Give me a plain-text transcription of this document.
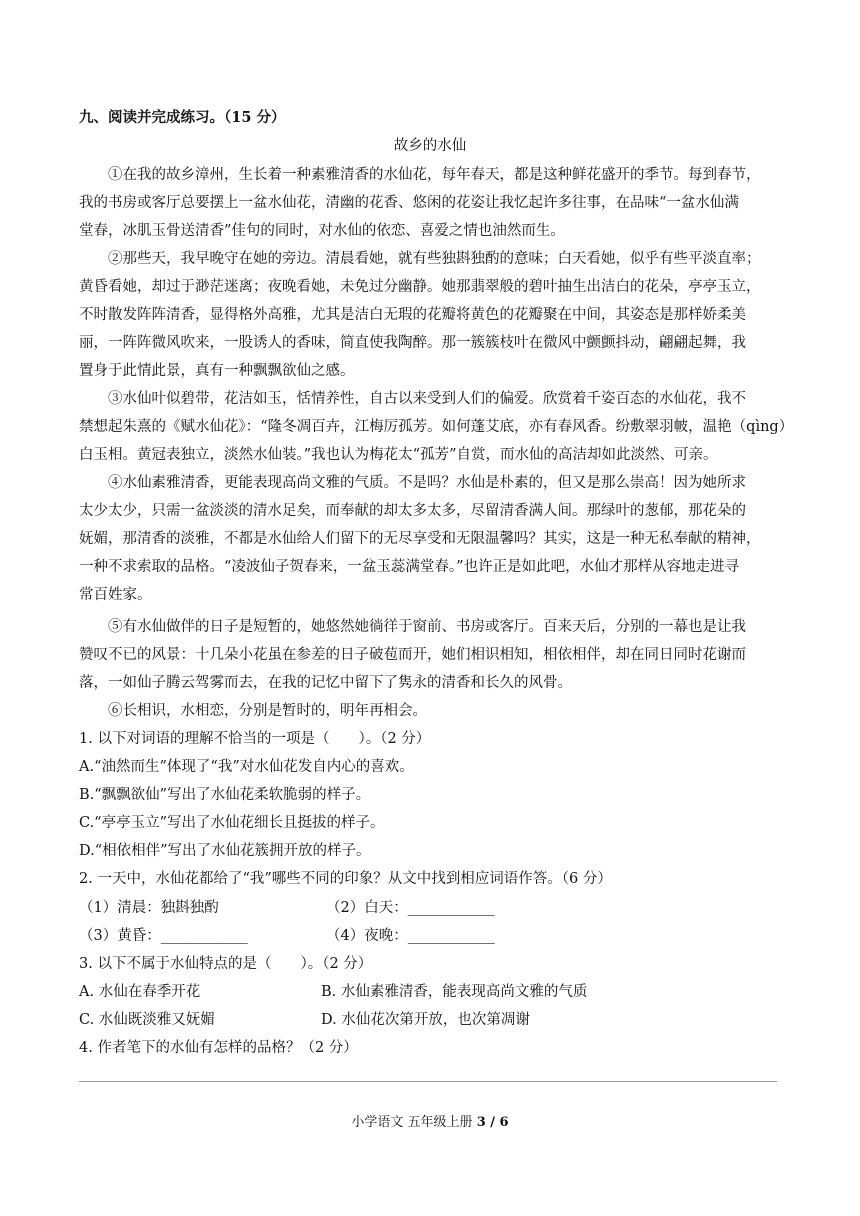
九、阅读并完成练习。（15 分）
故乡的水仙
①在我的故乡漳州，生长着一种素雅清香的水仙花，每年春天，都是这种鲜花盛开的季节。每到春节，
我的书房或客厅总要摆上一盆水仙花，清幽的花香、悠闲的花姿让我忆起许多往事，在品味“一盆水仙满
堂春，冰肌玉骨送清香”佳句的同时，对水仙的依恋、喜爱之情也油然而生。
②那些天，我早晚守在她的旁边。清晨看她，就有些独斟独酌的意味；白天看她，似乎有些平淡直率；
黄昏看她，却过于渺茫迷离；夜晚看她，未免过分幽静。她那翡翠般的碧叶抽生出洁白的花朵，亭亭玉立，
不时散发阵阵清香，显得格外高雅，尤其是洁白无瑕的花瓣将黄色的花瓣聚在中间，其姿态是那样娇柔美
丽，一阵阵微风吹来，一股诱人的香味，简直使我陶醉。那一簇簇枝叶在微风中颤颤抖动，翩翩起舞，我
置身于此情此景，真有一种飘飘欲仙之感。
③水仙叶似碧带，花洁如玉，恬情养性，自古以来受到人们的偏爱。欣赏着千姿百态的水仙花，我不
禁想起朱熹的《赋水仙花》：“隆冬凋百卉，江梅厉孤芳。如何蓬艾底，亦有春风香。纷敷翠羽帔，温艳（qìng）
白玉相。黄冠表独立，淡然水仙装。”我也认为梅花太“孤芳”自赏，而水仙的高洁却如此淡然、可亲。
④水仙素雅清香，更能表现高尚文雅的气质。不是吗？水仙是朴素的，但又是那么崇高！因为她所求
太少太少，只需一盆淡淡的清水足矣，而奉献的却太多太多，尽留清香满人间。那绿叶的葱郁，那花朵的
妩媚，那清香的淡雅，不都是水仙给人们留下的无尽享受和无限温馨吗？其实，这是一种无私奉献的精神，
一种不求索取的品格。“凌波仙子贺春来，一盆玉蕊满堂春。”也许正是如此吧，水仙才那样从容地走进寻
常百姓家。
⑤有水仙做伴的日子是短暂的，她悠然她徜徉于窗前、书房或客厅。百来天后，分别的一幕也是让我
赞叹不已的风景：十几朵小花虽在参差的日子破苞而开，她们相识相知，相依相伴，却在同日同时花谢而
落，一如仙子腾云驾雾而去，在我的记忆中留下了隽永的清香和长久的风骨。
⑥长相识，水相恋，分别是暂时的，明年再相会。
1. 以下对词语的理解不恰当的一项是（　　）。（2 分）
A.“油然而生”体现了“我”对水仙花发自内心的喜欢。
B.“飘飘欲仙”写出了水仙花柔软脆弱的样子。
C.“亭亭玉立”写出了水仙花细长且挺拔的样子。
D.“相依相伴”写出了水仙花簇拥开放的样子。
2. 一天中，水仙花都给了“我”哪些不同的印象？从文中找到相应词语作答。（6 分）
（1）清晨：独斟独酌	（2）白天：____________
（3）黄昏：____________	（4）夜晚：____________
3. 以下不属于水仙特点的是（　　）。（2 分）
A. 水仙在春季开花	B. 水仙素雅清香，能表现高尚文雅的气质
C. 水仙既淡雅又妩媚	D. 水仙花次第开放，也次第凋谢
4. 作者笔下的水仙有怎样的品格？（2 分）
小学语文 五年级上册 3 / 6
